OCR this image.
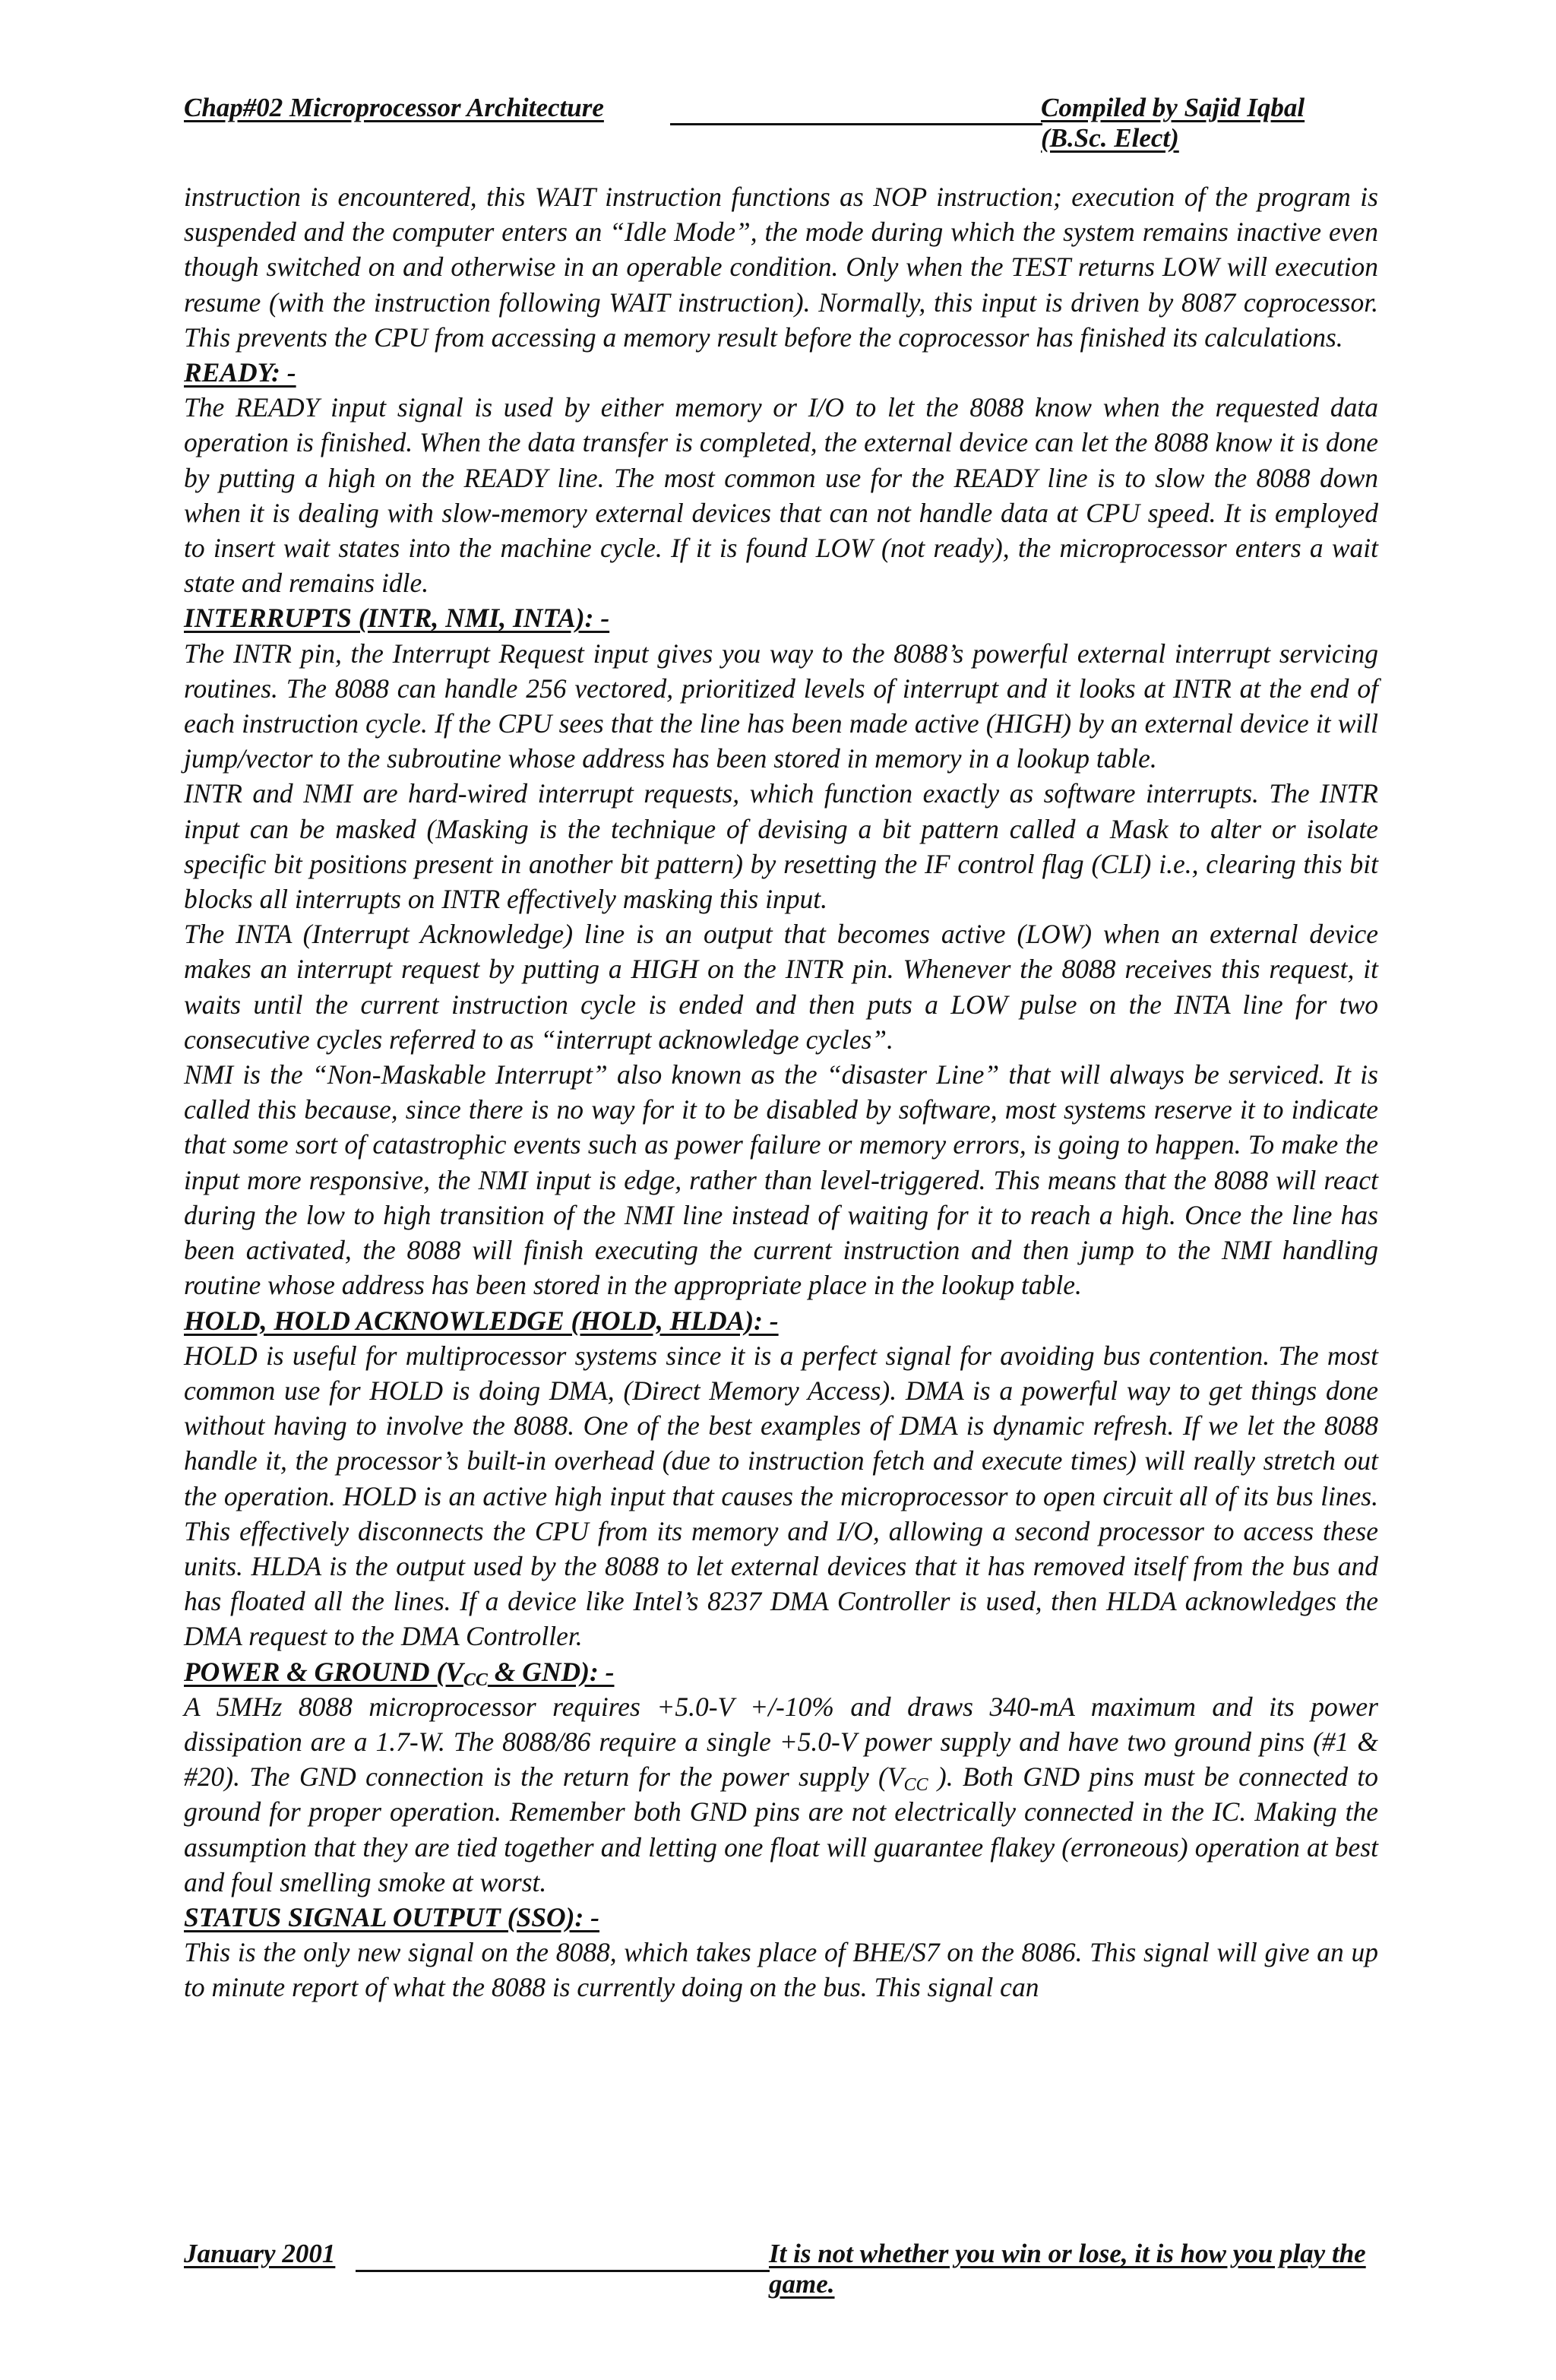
Chap#02 Microprocessor Architecture	Compiled by Sajid Iqbal (B.Sc. Elect)

instruction is encountered, this WAIT instruction functions as NOP instruction; execution of the program is suspended and the computer enters an “Idle Mode”, the mode during which the system remains inactive even though switched on and otherwise in an operable condition. Only when the TEST returns LOW will execution resume (with the instruction following WAIT instruction). Normally, this input is driven by 8087 coprocessor. This prevents the CPU from accessing a memory result before the coprocessor has finished its calculations.

READY: -

The READY input signal is used by either memory or I/O to let the 8088 know when the requested data operation is finished. When the data transfer is completed, the external device can let the 8088 know it is done by putting a high on the READY line. The most common use for the READY line is to slow the 8088 down when it is dealing with slow-memory external devices that can not handle data at CPU speed. It is employed to insert wait states into the machine cycle. If it is found LOW (not ready), the microprocessor enters a wait state and remains idle.

INTERRUPTS (INTR, NMI, INTA): -

The INTR pin, the Interrupt Request input gives you way to the 8088’s powerful external interrupt servicing routines. The 8088 can handle 256 vectored, prioritized levels of interrupt and it looks at INTR at the end of each instruction cycle. If the CPU sees that the line has been made active (HIGH) by an external device it will jump/vector to the subroutine whose address has been stored in memory in a lookup table.

INTR and NMI are hard-wired interrupt requests, which function exactly as software interrupts. The INTR input can be masked (Masking is the technique of devising a bit pattern called a Mask to alter or isolate specific bit positions present in another bit pattern) by resetting the IF control flag (CLI) i.e., clearing this bit blocks all interrupts on INTR effectively masking this input.

The INTA (Interrupt Acknowledge) line is an output that becomes active (LOW) when an external device makes an interrupt request by putting a HIGH on the INTR pin. Whenever the 8088 receives this request, it waits until the current instruction cycle is ended and then puts a LOW pulse on the INTA line for two consecutive cycles referred to as “interrupt acknowledge cycles”.

NMI is the “Non-Maskable Interrupt” also known as the “disaster Line” that will always be serviced. It is called this because, since there is no way for it to be disabled by software, most systems reserve it to indicate that some sort of catastrophic events such as power failure or memory errors, is going to happen. To make the input more responsive, the NMI input is edge, rather than level-triggered. This means that the 8088 will react during the low to high transition of the NMI line instead of waiting for it to reach a high. Once the line has been activated, the 8088 will finish executing the current instruction and then jump to the NMI handling routine whose address has been stored in the appropriate place in the lookup table.

HOLD, HOLD ACKNOWLEDGE (HOLD, HLDA): -

HOLD is useful for multiprocessor systems since it is a perfect signal for avoiding bus contention. The most common use for HOLD is doing DMA, (Direct Memory Access). DMA is a powerful way to get things done without having to involve the 8088. One of the best examples of DMA is dynamic refresh. If we let the 8088 handle it, the processor’s built-in overhead (due to instruction fetch and execute times) will really stretch out the operation. HOLD is an active high input that causes the microprocessor to open circuit all of its bus lines. This effectively disconnects the CPU from its memory and I/O, allowing a second processor to access these units. HLDA is the output used by the 8088 to let external devices that it has removed itself from the bus and has floated all the lines. If a device like Intel’s 8237 DMA Controller is used, then HLDA acknowledges the DMA request to the DMA Controller.

POWER & GROUND ($V_{CC}$ & GND): -

A 5MHz 8088 microprocessor requires +5.0-V +/-10% and draws 340-mA maximum and its power dissipation are a 1.7-W. The 8088/86 require a single +5.0-V power supply and have two ground pins (#1 & #20). The GND connection is the return for the power supply ($V_{CC}$ ). Both GND pins must be connected to ground for proper operation. Remember both GND pins are not electrically connected in the IC. Making the assumption that they are tied together and letting one float will guarantee flakey (erroneous) operation at best and foul smelling smoke at worst.

STATUS SIGNAL OUTPUT (SSO): -

This is the only new signal on the 8088, which takes place of BHE/S7 on the 8086. This signal will give an up to minute report of what the 8088 is currently doing on the bus. This signal can

January 2001	It is not whether you win or lose, it is how you play the game.
